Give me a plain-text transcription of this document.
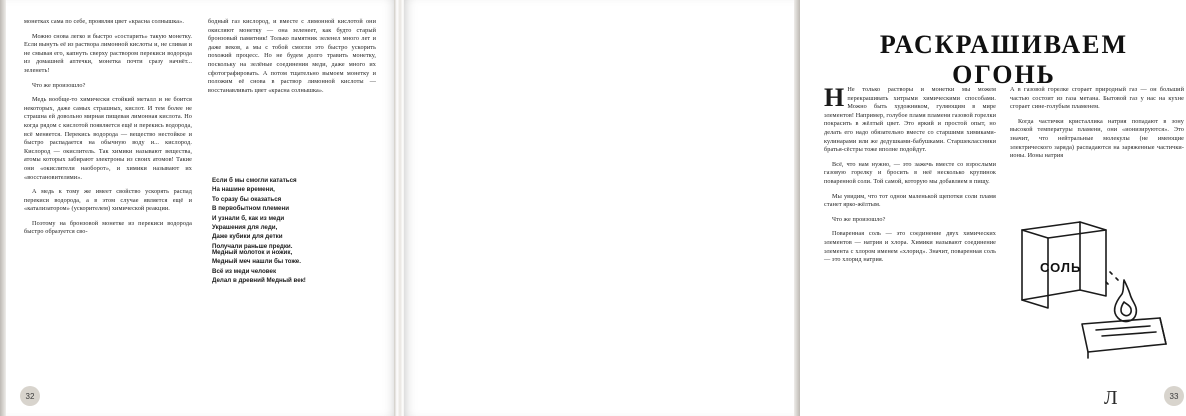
монетках сама по себе, проявляя цвет «красна солнышка».

Можно снова легко и быстро «состарить» такую монетку. Если вынуть её из раствора лимонной кислоты и, не сливая и не смывая его, капнуть сверху раствором перекиси водорода из домашней аптечки, монетка почти сразу начнёт... зеленеть!

Что же произошло?

Медь вообще-то химически стойкий металл и не боится некоторых, даже самых страшных, кислот. И тем более не страшна ей довольно мирная пищевая лимонная кислота. Но когда рядом с кислотой появляется ещё и перекись водорода, всё меняется. Перекись водорода — вещество нестойкое и быстро распадается на обычную воду и... кислород. Кислород — окислитель. Так химики называют вещества, атомы которых забирают электроны из своих атомов! Такие они «окислители наоборот», и химики называют их «восстановителями».

А медь к тому же имеет свойство ускорять распад перекиси водорода, а в этом случае является ещё и «катализатором» (ускорителем) химической реакции.

Поэтому на бронзовой монетке из перекиси водорода быстро образуется сво-

бодный газ кислород, и вместе с лимонной кислотой они окисляют монетку — она зеленеет, как будто старый бронзовый памятник! Только памятник зеленел много лет и даже веков, а мы с тобой смогли это быстро ускорить похожий процесс. Но не будем долго травить монетку, поскольку на зелёные соединения меди, даже много их сфотографировать. А потом тщательно вымоем монетку и положим её снова в раствор лимонной кислоты — восстанавливать цвет «красна солнышка».

Если б мы смогли кататься
На нашине времени,
То сразу бы оказаться
В первобытном племени
И узнали б, как из меди
Украшения для леди,
Даже кубики для детки
Получали раньше предки.
Медный молоток и ножик,
Медный меч нашли бы тоже.
Всё из меди человек
Делал в древний Медный век!
32
РАСКРАШИВАЕМ ОГОНЬ

Н Не только растворы и монетки мы можем перекрашивать хитрыми химическими способами. Можно быть художником, гуляющим в мире элементов! Например, голубое пламя пламени газовой горелки покрасить в жёлтый цвет. Это яркий и простой опыт, но делать его надо обязательно вместе со старшими химиками-кулинарами или же дедушками-бабушками. Старшеклассники братья-сёстры тоже вполне подойдут.

Всё, что нам нужно, — это зажечь вместе со взрослыми газовую горелку и бросить в неё несколько крупинок поваренной соли. Той самой, которую мы добавляем в пищу.

Мы увидим, что тот однои маленькой щепотки соли пламя станет ярко-жёлтым.

Что же произошло?

Поваренная соль — это соединение двух химических элементов — натрия и хлора. Химики называют соединение элемента с хлором именем «хлорид». Значит, поваренная соль — это хлорид натрия.

А в газовой горелке сгорает природный газ — он больший частью состоит из газа метана. Бытовой газ у нас на кухне сгорает сине-голубым пламенем.

Когда частички кристаллика натрия попадают в зону высокой температуры пламени, они «ионизируются». Это значит, что нейтральные молекулы (не имеющие электрического заряда) распадаются на заряженные частички-ионы. Ионы натрия

СОЛЬ
Л	33
